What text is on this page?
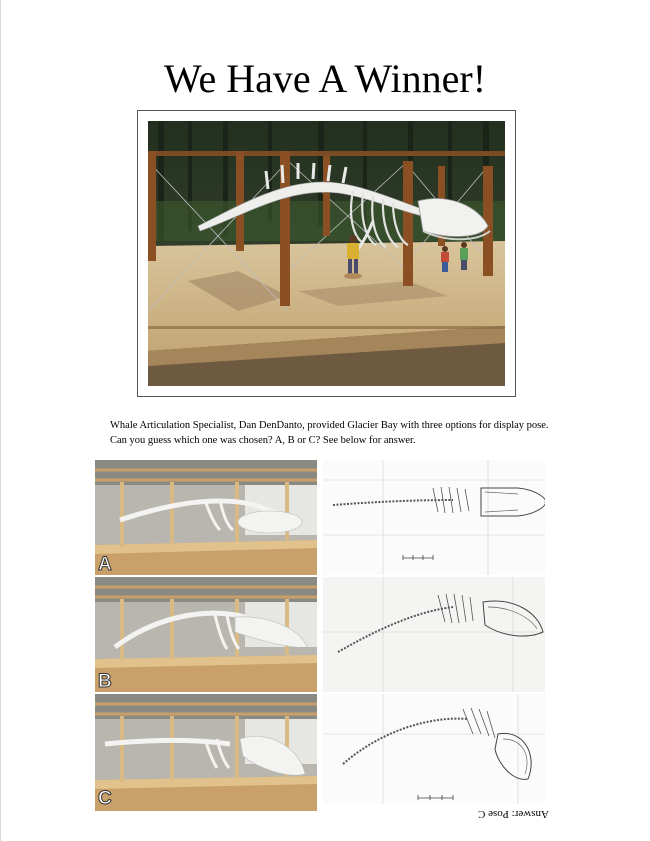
We Have A Winner!

Whale Articulation Specialist, Dan DenDanto, provided Glacier Bay with three options for display pose.

Can you guess which one was chosen? A, B or C? See below for answer.

A
B
C
Answer: Pose C
